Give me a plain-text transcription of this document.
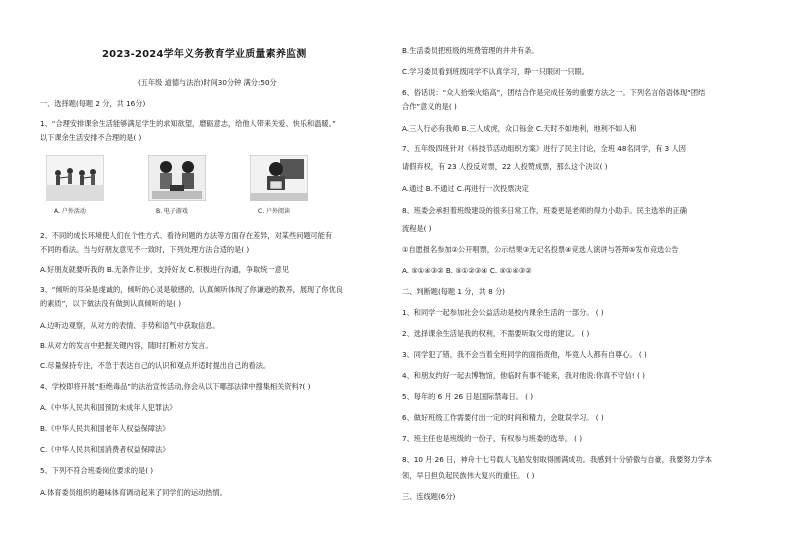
2023-2024学年义务教育学业质量素养监测
(五年级 道德与法治)时间30分钟 满分:50分
一、选择题(每题 2 分，共 16分)
1、“合理安排课余生活能够满足学生的求知欲望，磨砺意志，给他人带来关爱、快乐和温暖。”
以下课余生活安排不合理的是( )
A. 户外活动	B. 电子游戏	C. 户外阅读
2、不同的成长环境使人们在个性方式、看待问题的方法等方面存在差异，对某些问题可能有
不同的看法。当与好朋友意见不一致时，下列处理方法合适的是( )
A.好朋友就要听我的 B.无条件让步，支持好友 C.积极进行沟通，争取统一意见
3、“倾听的耳朵是虔诚的，倾听的心灵是敏感的，认真倾听体现了你谦逊的教养，展现了你优良
的素质”，以下做法没有做到认真倾听的是( )
A.边听边观察，从对方的表情、手势和语气中获取信息。
B.从对方的发言中把握关键内容，随时打断对方发言。
C.尽量保持专注，不急于表达自己的认识和观点并适时提出自己的看法。
4、学校即将开展“拒绝毒品”的法治宣传活动,你会从以下哪部法律中搜集相关资料?( )
A.《中华人民共和国预防未成年人犯罪法》
B.《中华人民共和国老年人权益保障法》
C.《中华人民共和国消费者权益保障法》
5、下列不符合班委岗位要求的是( )
A.体育委员组织的趣味体育调动起来了同学们的运动热情。
B.生活委员把班级的班费管理的井井有条。
C.学习委员看到班级同学不认真学习，睁一只眼闭一只眼。
6、俗话说：“众人拾柴火焰高”，团结合作是完成任务的重要方法之一。下列名言俗语体现“团结
合作”意义的是( )
A.三人行必有我师 B.三人成虎，众口铄金 C.天时不如地利，地利不如人和
7、五年级四班针对《科技节活动组织方案》进行了民主讨论，全班 48名同学，有 3 人因
请假弃权，有 23 人投反对票，22 人投赞成票，那么这个决议( )
A.通过 B.不通过 C.再进行一次投票决定
8、班委会承担着班级建设的很多日常工作，班委更是老师的得力小助手。民主选举的正确
流程是( )
①自愿报名参加②公开唱票，公示结果③无记名投票④竞选人演讲与答辩⑤发布竞选公告
A. ⑤①④③② B. ⑤①②③④ C. ⑤①④③②
二、判断题(每题 1 分，共 8 分)
1、和同学一起参加社会公益活动是校内课余生活的一部分。 ( )
2、选择课余生活是我的权利，不需要听取父母的建议。 ( )
3、同学犯了错，我不会当着全班同学的面指责他，毕竟人人都有自尊心。 ( )
4、和朋友约好一起去博物馆，他临时有事不能来，我对他说:你真不守信! ( )
5、每年的 6 月 26 日是国际禁毒日。 ( )
6、做好班级工作需要付出一定的时间和精力，会耽误学习。 ( )
7、班主任也是班级的一份子，有权参与班委的选举。 ( )
8、10 月 26 日，神舟十七号载人飞船发射取得圆满成功。我感到十分骄傲与自豪，我要努力学本
领，早日担负起民族伟大复兴的重任。 ( )
三、连线题(6分)
